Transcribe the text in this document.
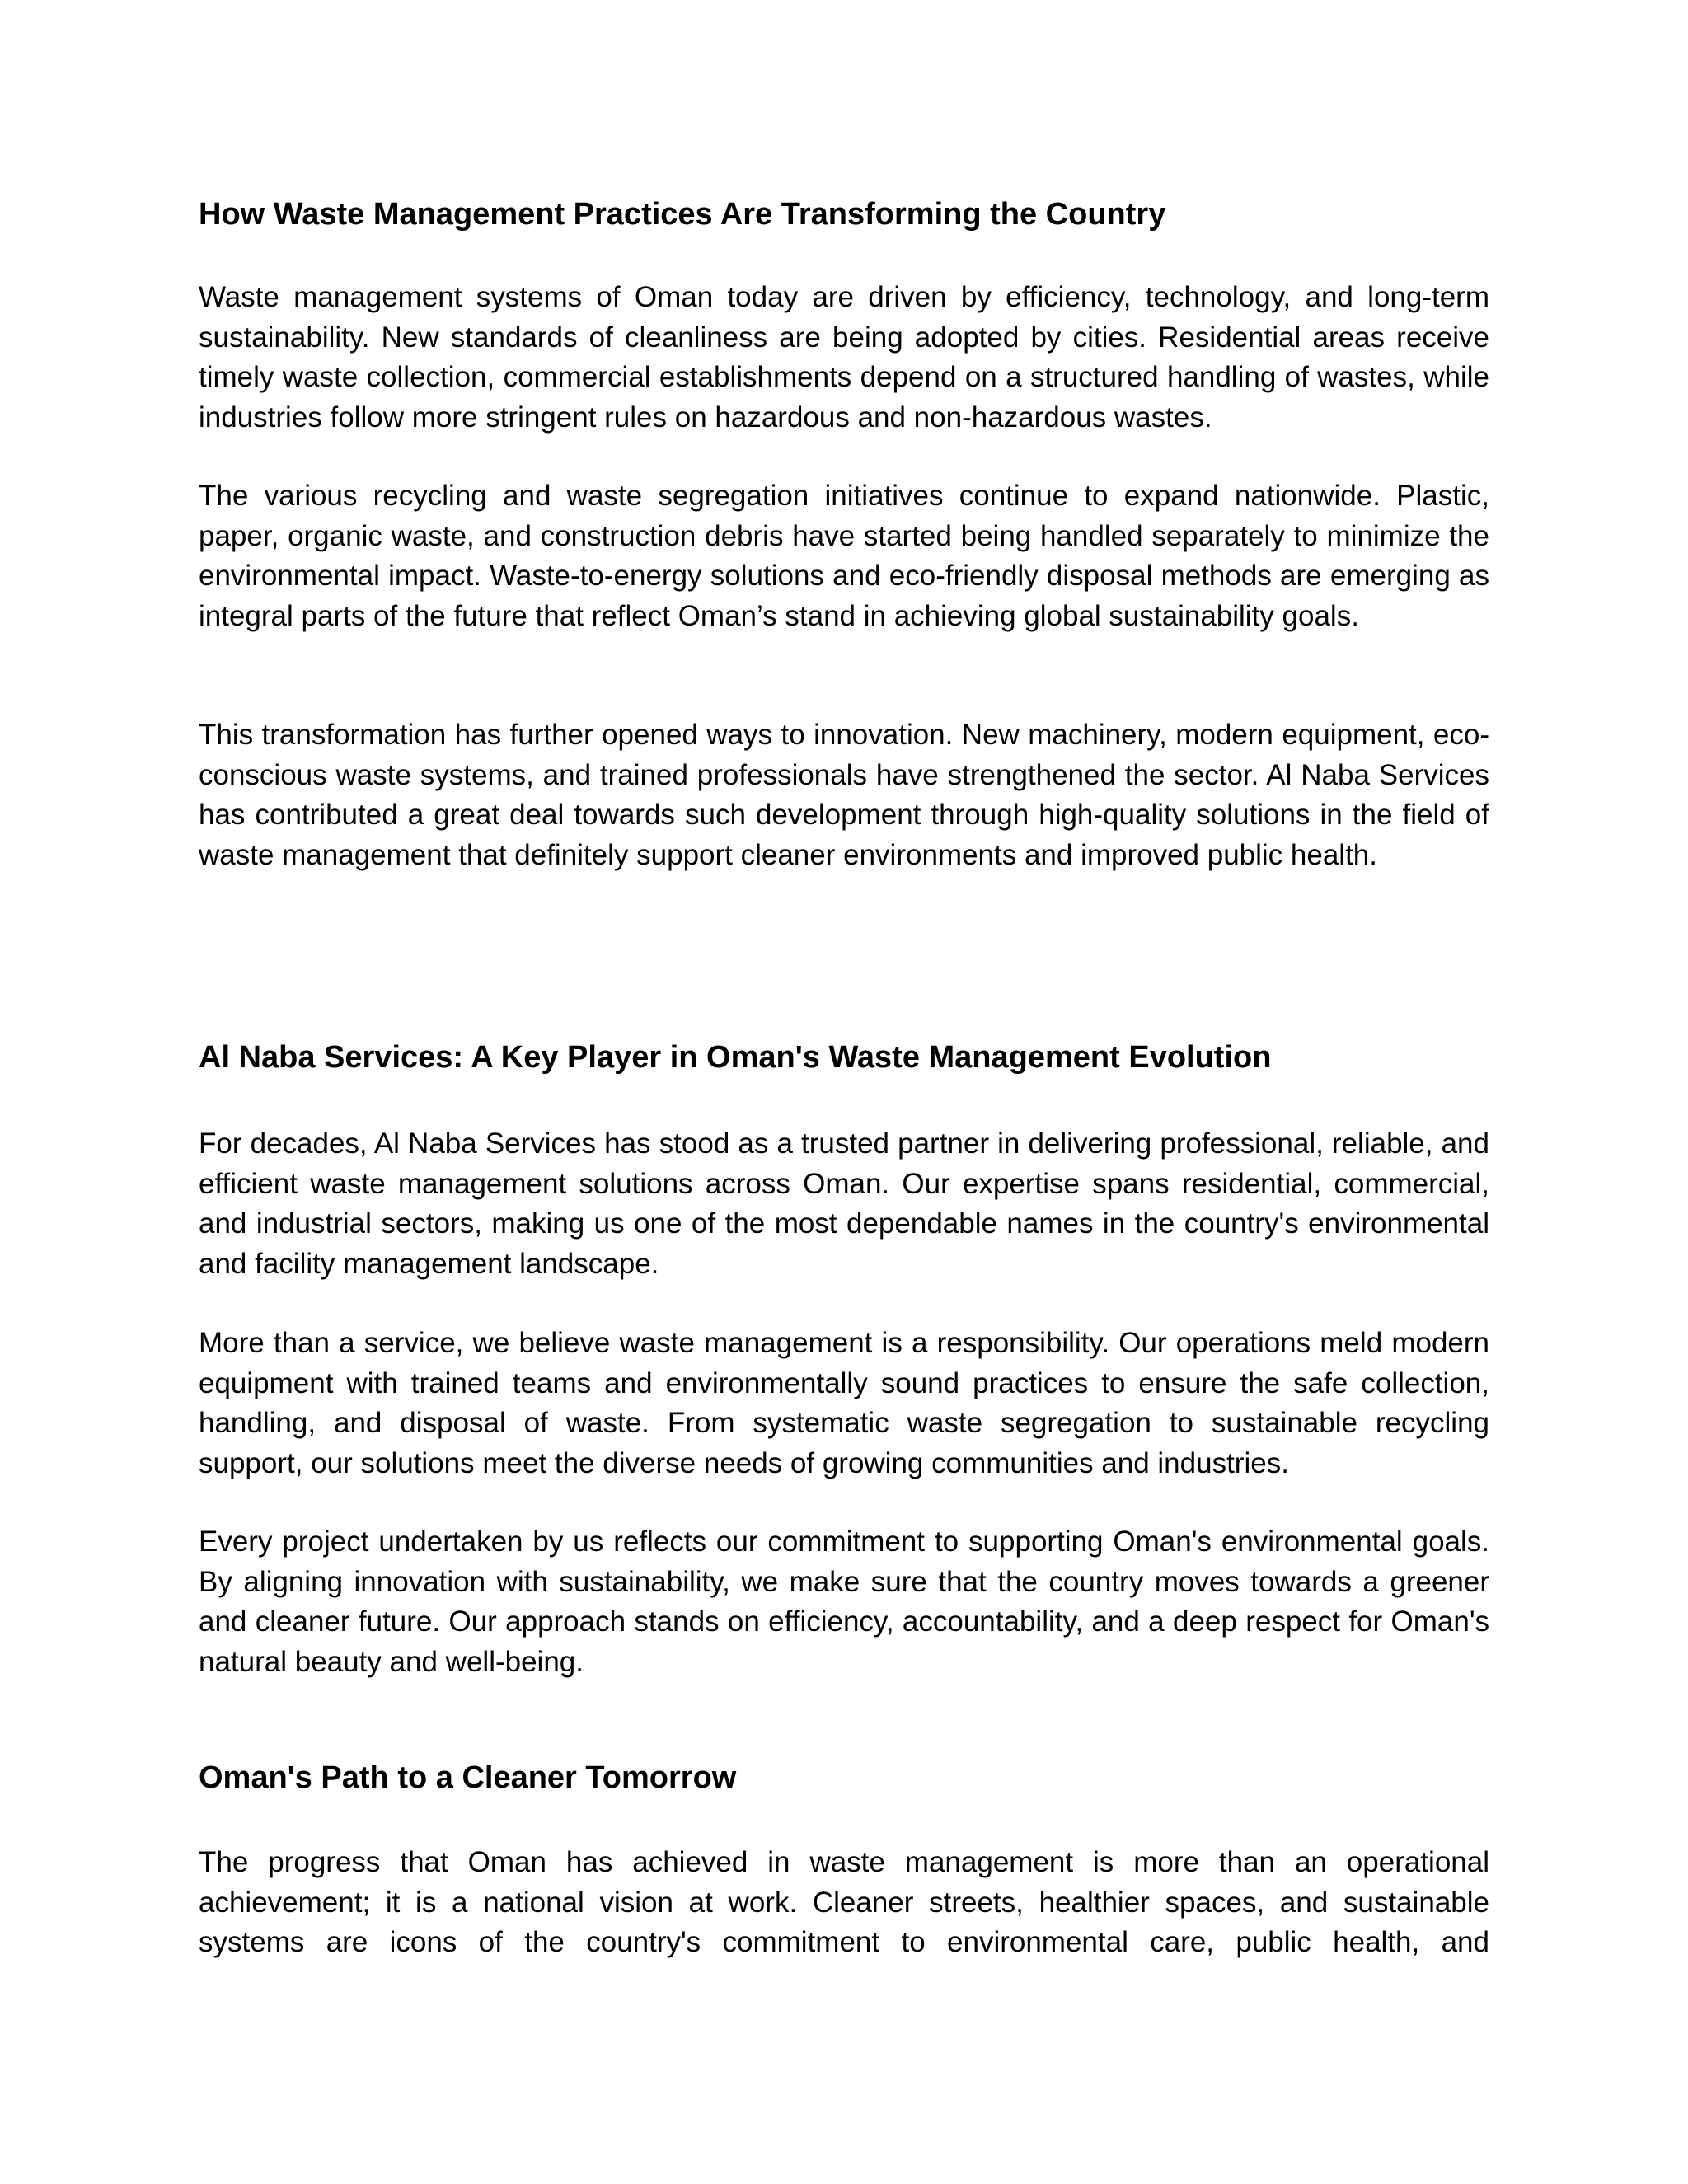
How Waste Management Practices Are Transforming the Country

Waste management systems of Oman today are driven by efficiency, technology, and long-term sustainability. New standards of cleanliness are being adopted by cities. Residential areas receive timely waste collection, commercial establishments depend on a structured handling of wastes, while industries follow more stringent rules on hazardous and non-hazardous wastes.

The various recycling and waste segregation initiatives continue to expand nationwide. Plastic, paper, organic waste, and construction debris have started being handled separately to minimize the environmental impact. Waste-to-energy solutions and eco-friendly disposal methods are emerging as integral parts of the future that reflect Oman’s stand in achieving global sustainability goals.

This transformation has further opened ways to innovation. New machinery, modern equipment, eco-conscious waste systems, and trained professionals have strengthened the sector. Al Naba Services has contributed a great deal towards such development through high-quality solutions in the field of waste management that definitely support cleaner environments and improved public health.

Al Naba Services: A Key Player in Oman's Waste Management Evolution

For decades, Al Naba Services has stood as a trusted partner in delivering professional, reliable, and efficient waste management solutions across Oman. Our expertise spans residential, commercial, and industrial sectors, making us one of the most dependable names in the country's environmental and facility management landscape.

More than a service, we believe waste management is a responsibility. Our operations meld modern equipment with trained teams and environmentally sound practices to ensure the safe collection, handling, and disposal of waste. From systematic waste segregation to sustainable recycling support, our solutions meet the diverse needs of growing communities and industries.

Every project undertaken by us reflects our commitment to supporting Oman's environmental goals. By aligning innovation with sustainability, we make sure that the country moves towards a greener and cleaner future. Our approach stands on efficiency, accountability, and a deep respect for Oman's natural beauty and well-being.

Oman's Path to a Cleaner Tomorrow

The progress that Oman has achieved in waste management is more than an operational achievement; it is a national vision at work. Cleaner streets, healthier spaces, and sustainable systems are icons of the country's commitment to environmental care, public health, and
